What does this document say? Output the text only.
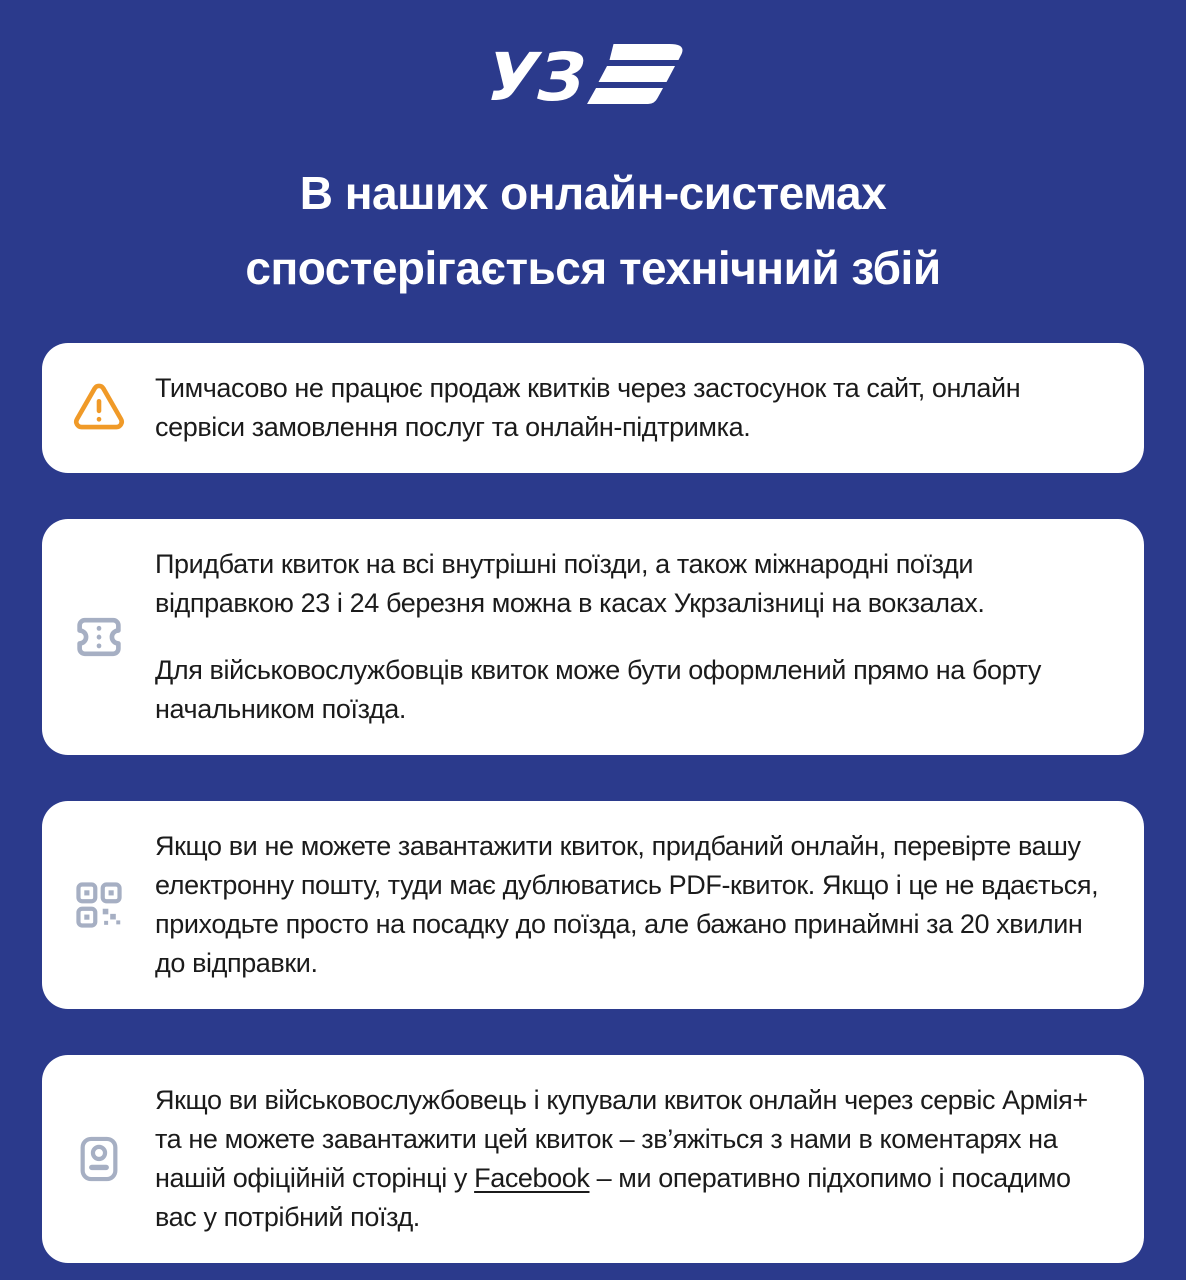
УЗ
В наших онлайн-системах
спостерігається технічний збій

Тимчасово не працює продаж квитків через застосунок та сайт, онлайн сервіси замовлення послуг та онлайн-підтримка.

Придбати квиток на всі внутрішні поїзди, а також міжнародні поїзди відправкою 23 і 24 березня можна в касах Укрзалізниці на вокзалах.

Для військовослужбовців квиток може бути оформлений прямо на борту начальником поїзда.

Якщо ви не можете завантажити квиток, придбаний онлайн, перевірте вашу електронну пошту, туди має дублюватись PDF-квиток. Якщо і це не вдається, приходьте просто на посадку до поїзда, але бажано принаймні за 20 хвилин до відправки.

Якщо ви військовослужбовець і купували квиток онлайн через сервіс Армія+ та не можете завантажити цей квиток – зв’яжіться з нами в коментарях на нашій офіційній сторінці у Facebook – ми оперативно підхопимо і посадимо вас у потрібний поїзд.
